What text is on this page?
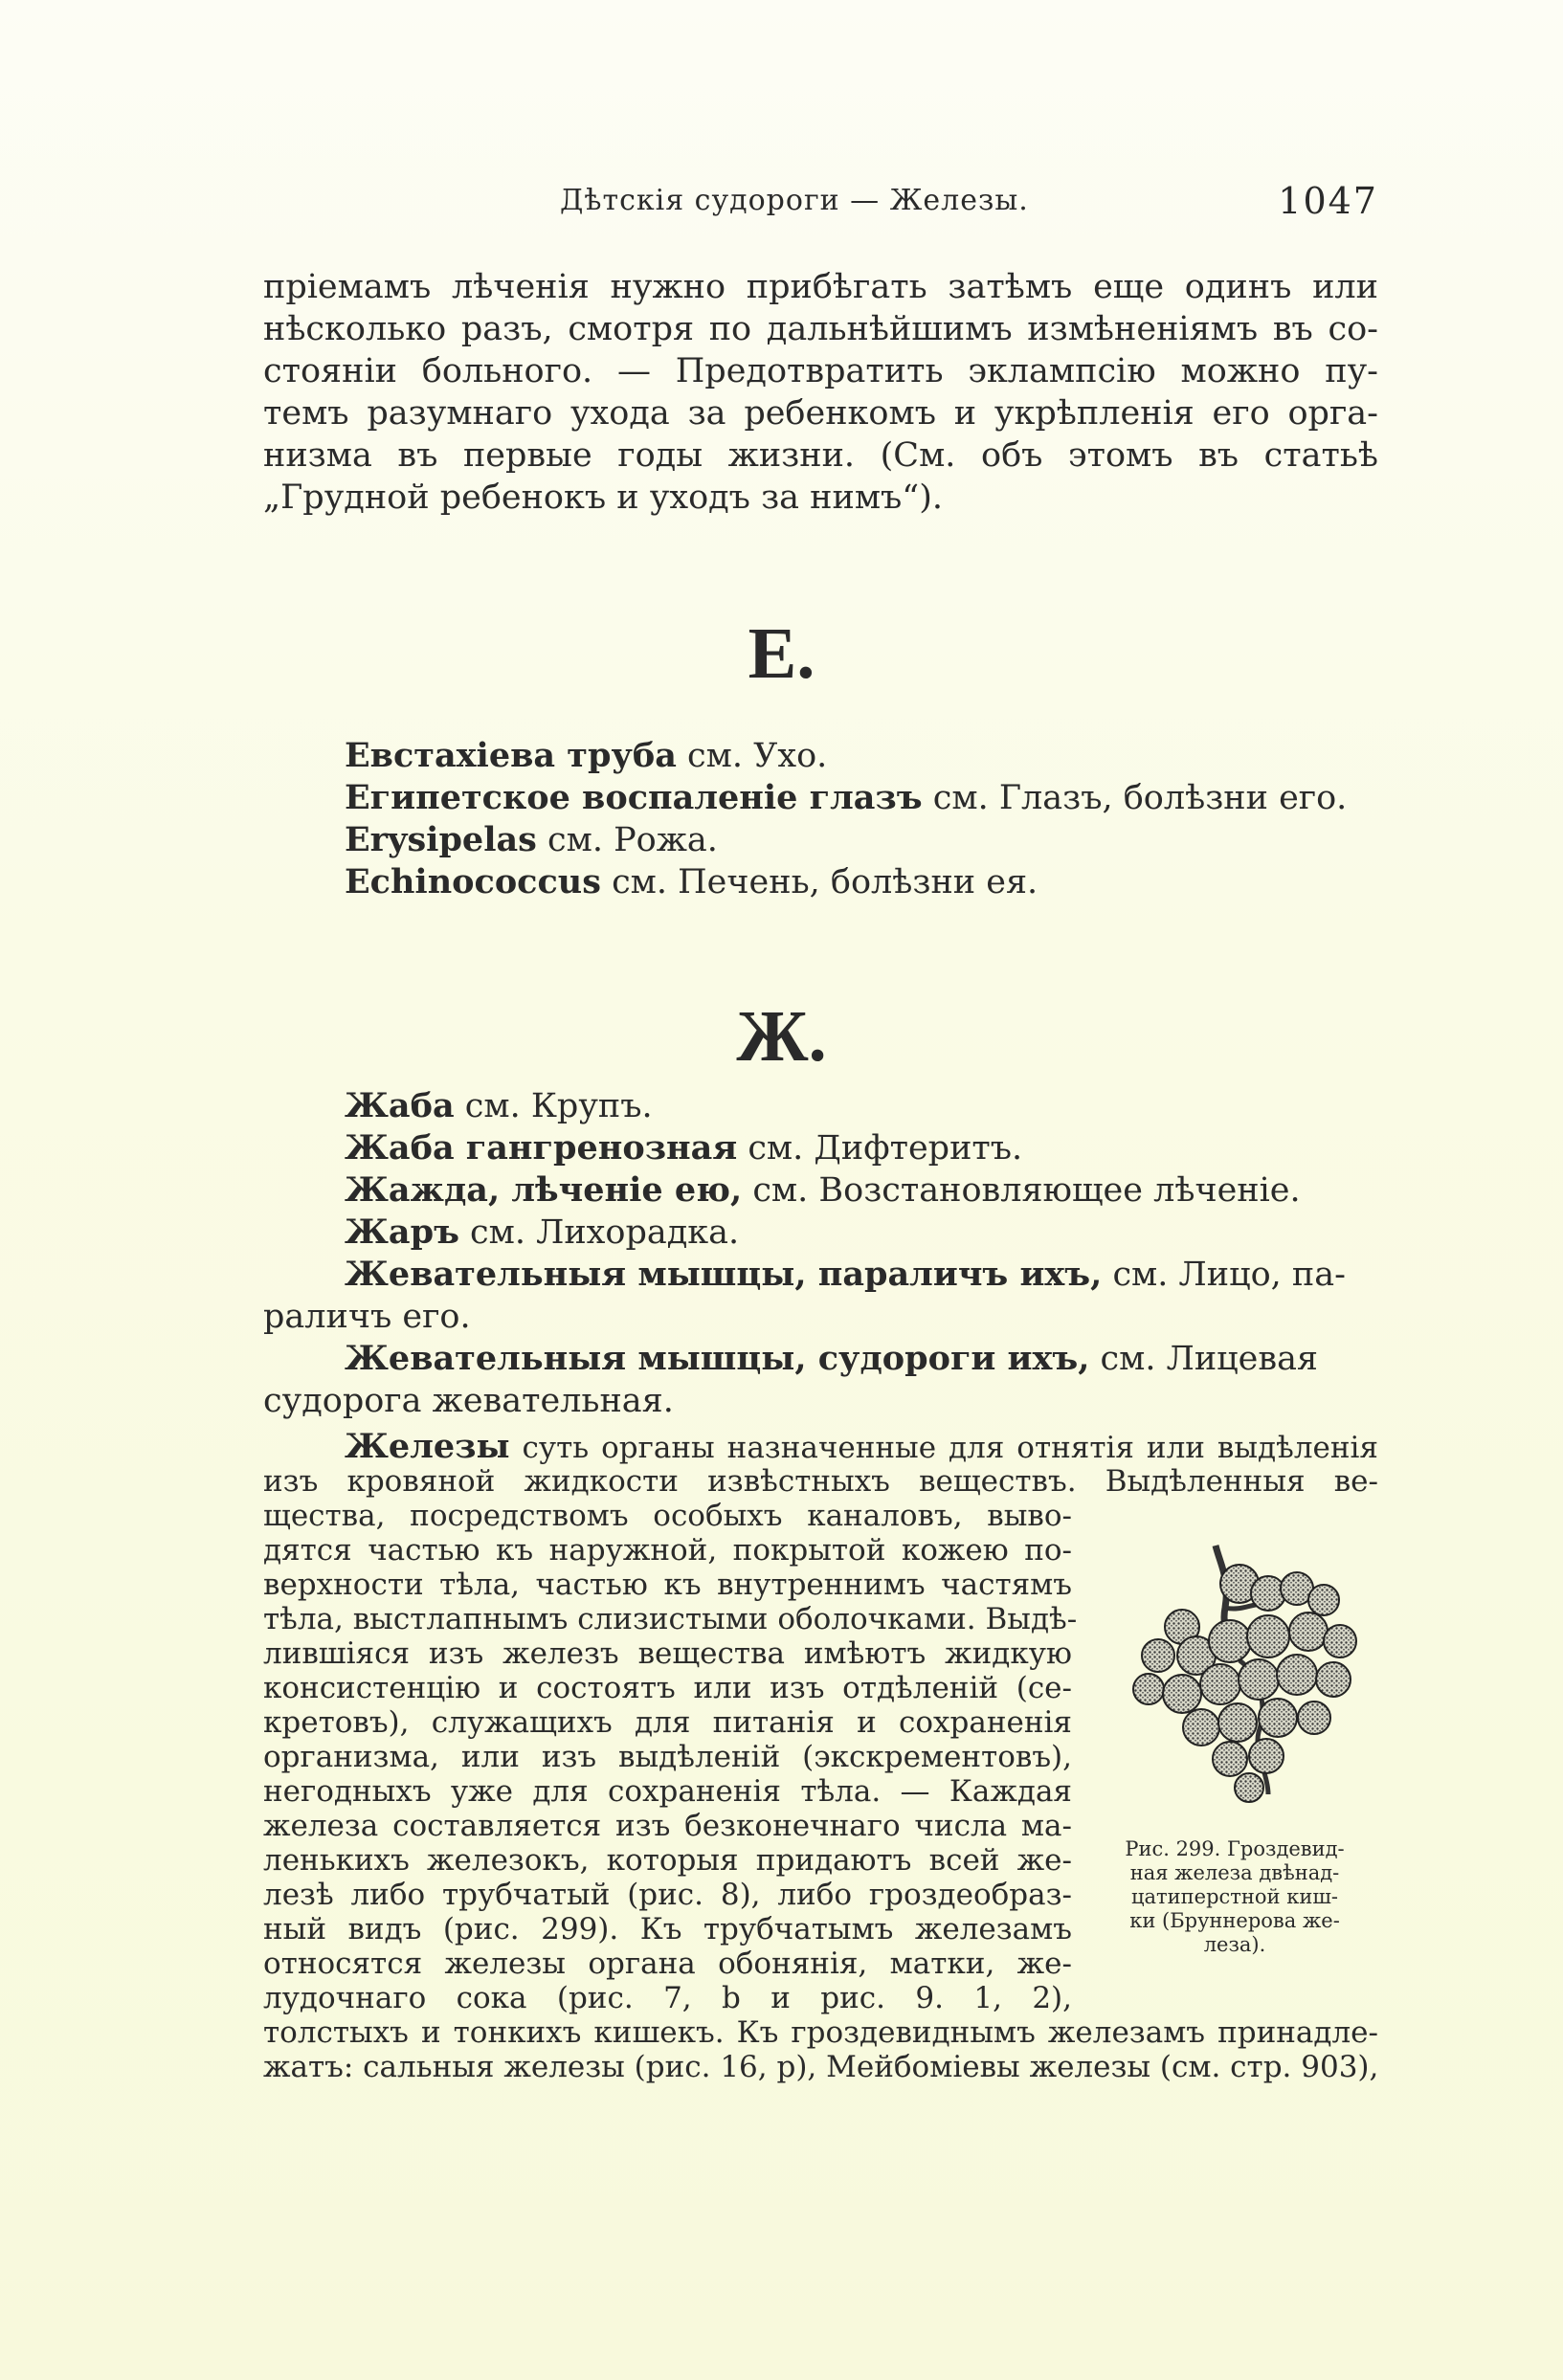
Дѣтскія судороги — Железы.	1047
пріемамъ лѣченія нужно прибѣгать затѣмъ еще одинъ или
нѣсколько разъ, смотря по дальнѣйшимъ измѣненіямъ въ со-
стояніи больного. — Предотвратить эклампсію можно пу-
темъ разумнаго ухода за ребенкомъ и укрѣпленія его орга-
низма въ первые годы жизни. (См. объ этомъ въ статьѣ
„Грудной ребенокъ и уходъ за нимъ“).
Е.
Евстахіева труба см. Ухо.
Египетское воспаленіе глазъ см. Глазъ, болѣзни его.
Erysipelas см. Рожа.
Echinococcus см. Печень, болѣзни ея.
Ж.
Жаба см. Крупъ.
Жаба гангренозная см. Дифтеритъ.
Жажда, лѣченіе ею, см. Возстановляющее лѣченіе.
Жаръ см. Лихорадка.
Жевательныя мышцы, параличъ ихъ, см. Лицо, па-
раличъ его.
Жевательныя мышцы, судороги ихъ, см. Лицевая
судорога жевательная.
Железы суть органы назначенные для отнятія или выдѣленія
изъ кровяной жидкости извѣстныхъ веществъ. Выдѣленныя ве-
щества, посредствомъ особыхъ каналовъ, выво-
дятся частью къ наружной, покрытой кожею по-
верхности тѣла, частью къ внутреннимъ частямъ
тѣла, выстлапнымъ слизистыми оболочками. Выдѣ-
лившіяся изъ железъ вещества имѣютъ жидкую
консистенцію и состоятъ или изъ отдѣленій (се-
кретовъ), служащихъ для питанія и сохраненія
организма, или изъ выдѣленій (экскрементовъ),
негодныхъ уже для сохраненія тѣла. — Каждая
железа составляется изъ безконечнаго числа ма-
ленькихъ железокъ, которыя придаютъ всей же-
лезѣ либо трубчатый (рис. 8), либо гроздеобраз-
ный видъ (рис. 299). Къ трубчатымъ железамъ
относятся железы органа обонянія, матки, же-
лудочнаго сока (рис. 7, b и рис. 9. 1, 2),
толстыхъ и тонкихъ кишекъ. Къ гроздевиднымъ железамъ принадле-
жатъ: сальныя железы (рис. 16, p), Мейбоміевы железы (см. стр. 903),
Рис. 299. Гроздевид-
ная железа двѣнад-
цатиперстной киш-
ки (Бруннерова же-
леза).
